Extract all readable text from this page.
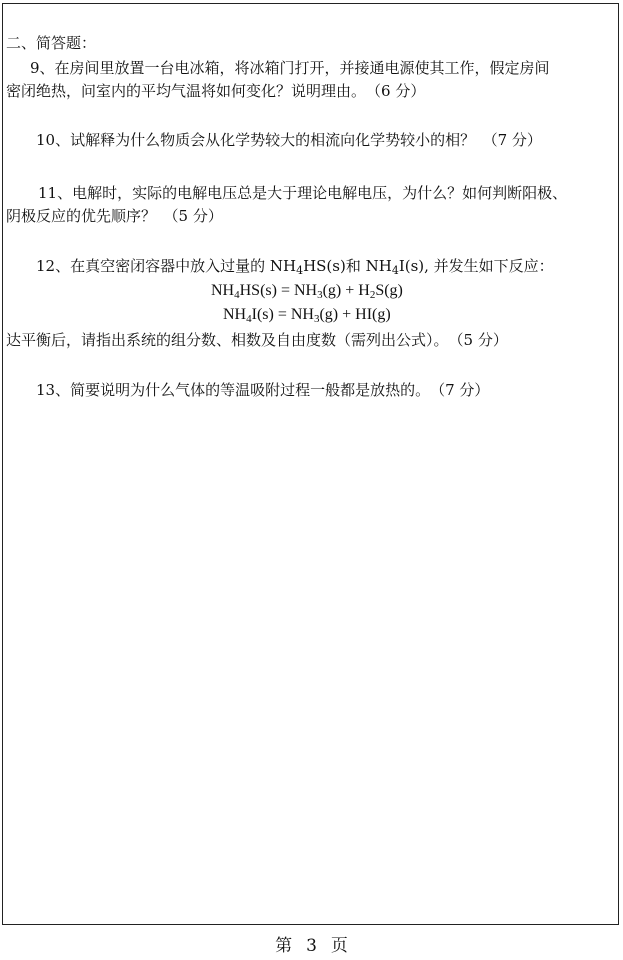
二、简答题：
9、在房间里放置一台电冰箱，将冰箱门打开，并接通电源使其工作，假定房间
密闭绝热，问室内的平均气温将如何变化？说明理由。　（6 分）
10、试解释为什么物质会从化学势较大的相流向化学势较小的相？　（7 分）
11、电解时，实际的电解电压总是大于理论电解电压，为什么？如何判断阳极、
阴极反应的优先顺序？　（5 分）
12、在真空密闭容器中放入过量的 $NH_4HS(s)$和 $NH_4I(s)$, 并发生如下反应：
$NH_4HS(s) = NH_3(g) + H_2S(g)$
$NH_4I(s) = NH_3(g) + HI(g)$
达平衡后，请指出系统的组分数、相数及自由度数（需列出公式）。　（5 分）
13、简要说明为什么气体的等温吸附过程一般都是放热的。　（7 分）
第 3 页
